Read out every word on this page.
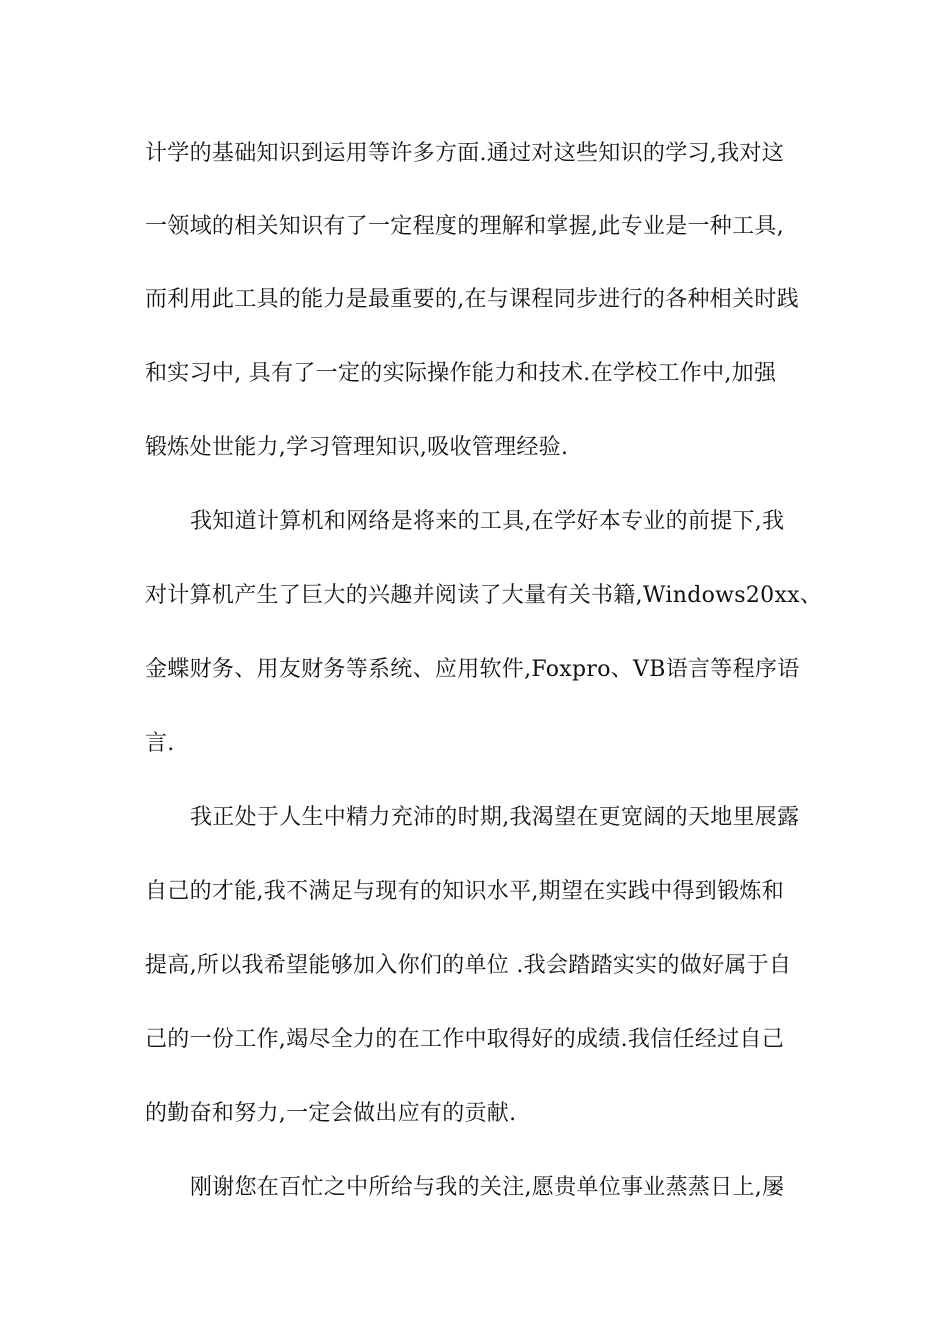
计学的基础知识到运用等许多方面.通过对这些知识的学习,我对这
一领域的相关知识有了一定程度的理解和掌握,此专业是一种工具,
而利用此工具的能力是最重要的,在与课程同步进行的各种相关时践
和实习中, 具有了一定的实际操作能力和技术.在学校工作中,加强
锻炼处世能力,学习管理知识,吸收管理经验.
我知道计算机和网络是将来的工具,在学好本专业的前提下,我
对计算机产生了巨大的兴趣并阅读了大量有关书籍,Windows20xx、
金蝶财务、用友财务等系统、应用软件,Foxpro、VB语言等程序语
言.
我正处于人生中精力充沛的时期,我渴望在更宽阔的天地里展露
自己的才能,我不满足与现有的知识水平,期望在实践中得到锻炼和
提高,所以我希望能够加入你们的单位 .我会踏踏实实的做好属于自
己的一份工作,竭尽全力的在工作中取得好的成绩.我信任经过自己
的勤奋和努力,一定会做出应有的贡献.
刚谢您在百忙之中所给与我的关注,愿贵单位事业蒸蒸日上,屡
